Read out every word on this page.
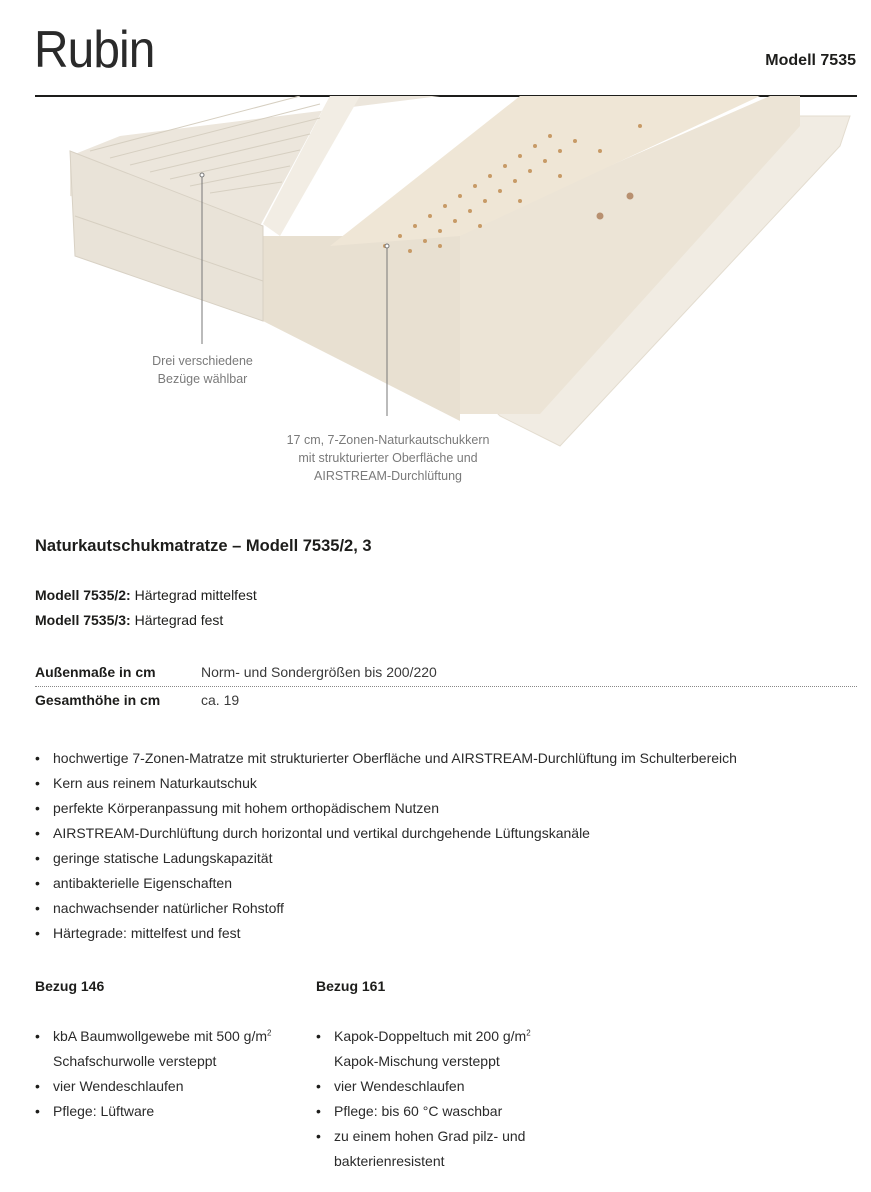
Rubin	Modell 7535
Drei verschiedene
Bezüge wählbar
17 cm, 7-Zonen-Naturkautschukkern
mit strukturierter Oberfläche und
AIRSTREAM-Durchlüftung
Naturkautschukmatratze – Modell 7535/2, 3
Modell 7535/2: Härtegrad mittelfest
Modell 7535/3: Härtegrad fest
Außenmaße in cm	Norm- und Sondergrößen bis 200/220
Gesamthöhe in cm	ca. 19
• hochwertige 7-Zonen-Matratze mit strukturierter Oberfläche und AIRSTREAM-Durchlüftung im Schulterbereich
• Kern aus reinem Naturkautschuk
• perfekte Körperanpassung mit hohem orthopädischem Nutzen
• AIRSTREAM-Durchlüftung durch horizontal und vertikal durchgehende Lüftungskanäle
• geringe statische Ladungskapazität
• antibakterielle Eigenschaften
• nachwachsender natürlicher Rohstoff
• Härtegrade: mittelfest und fest
Bezug 146	Bezug 161
• kbA Baumwollgewebe mit 500 $g/m^2$
Schafschurwolle versteppt
• vier Wendeschlaufen
• Pflege: Lüftware
• Kapok-Doppeltuch mit 200 $g/m^2$
Kapok-Mischung versteppt
• vier Wendeschlaufen
• Pflege: bis 60 °C waschbar
• zu einem hohen Grad pilz- und
bakterienresistent
